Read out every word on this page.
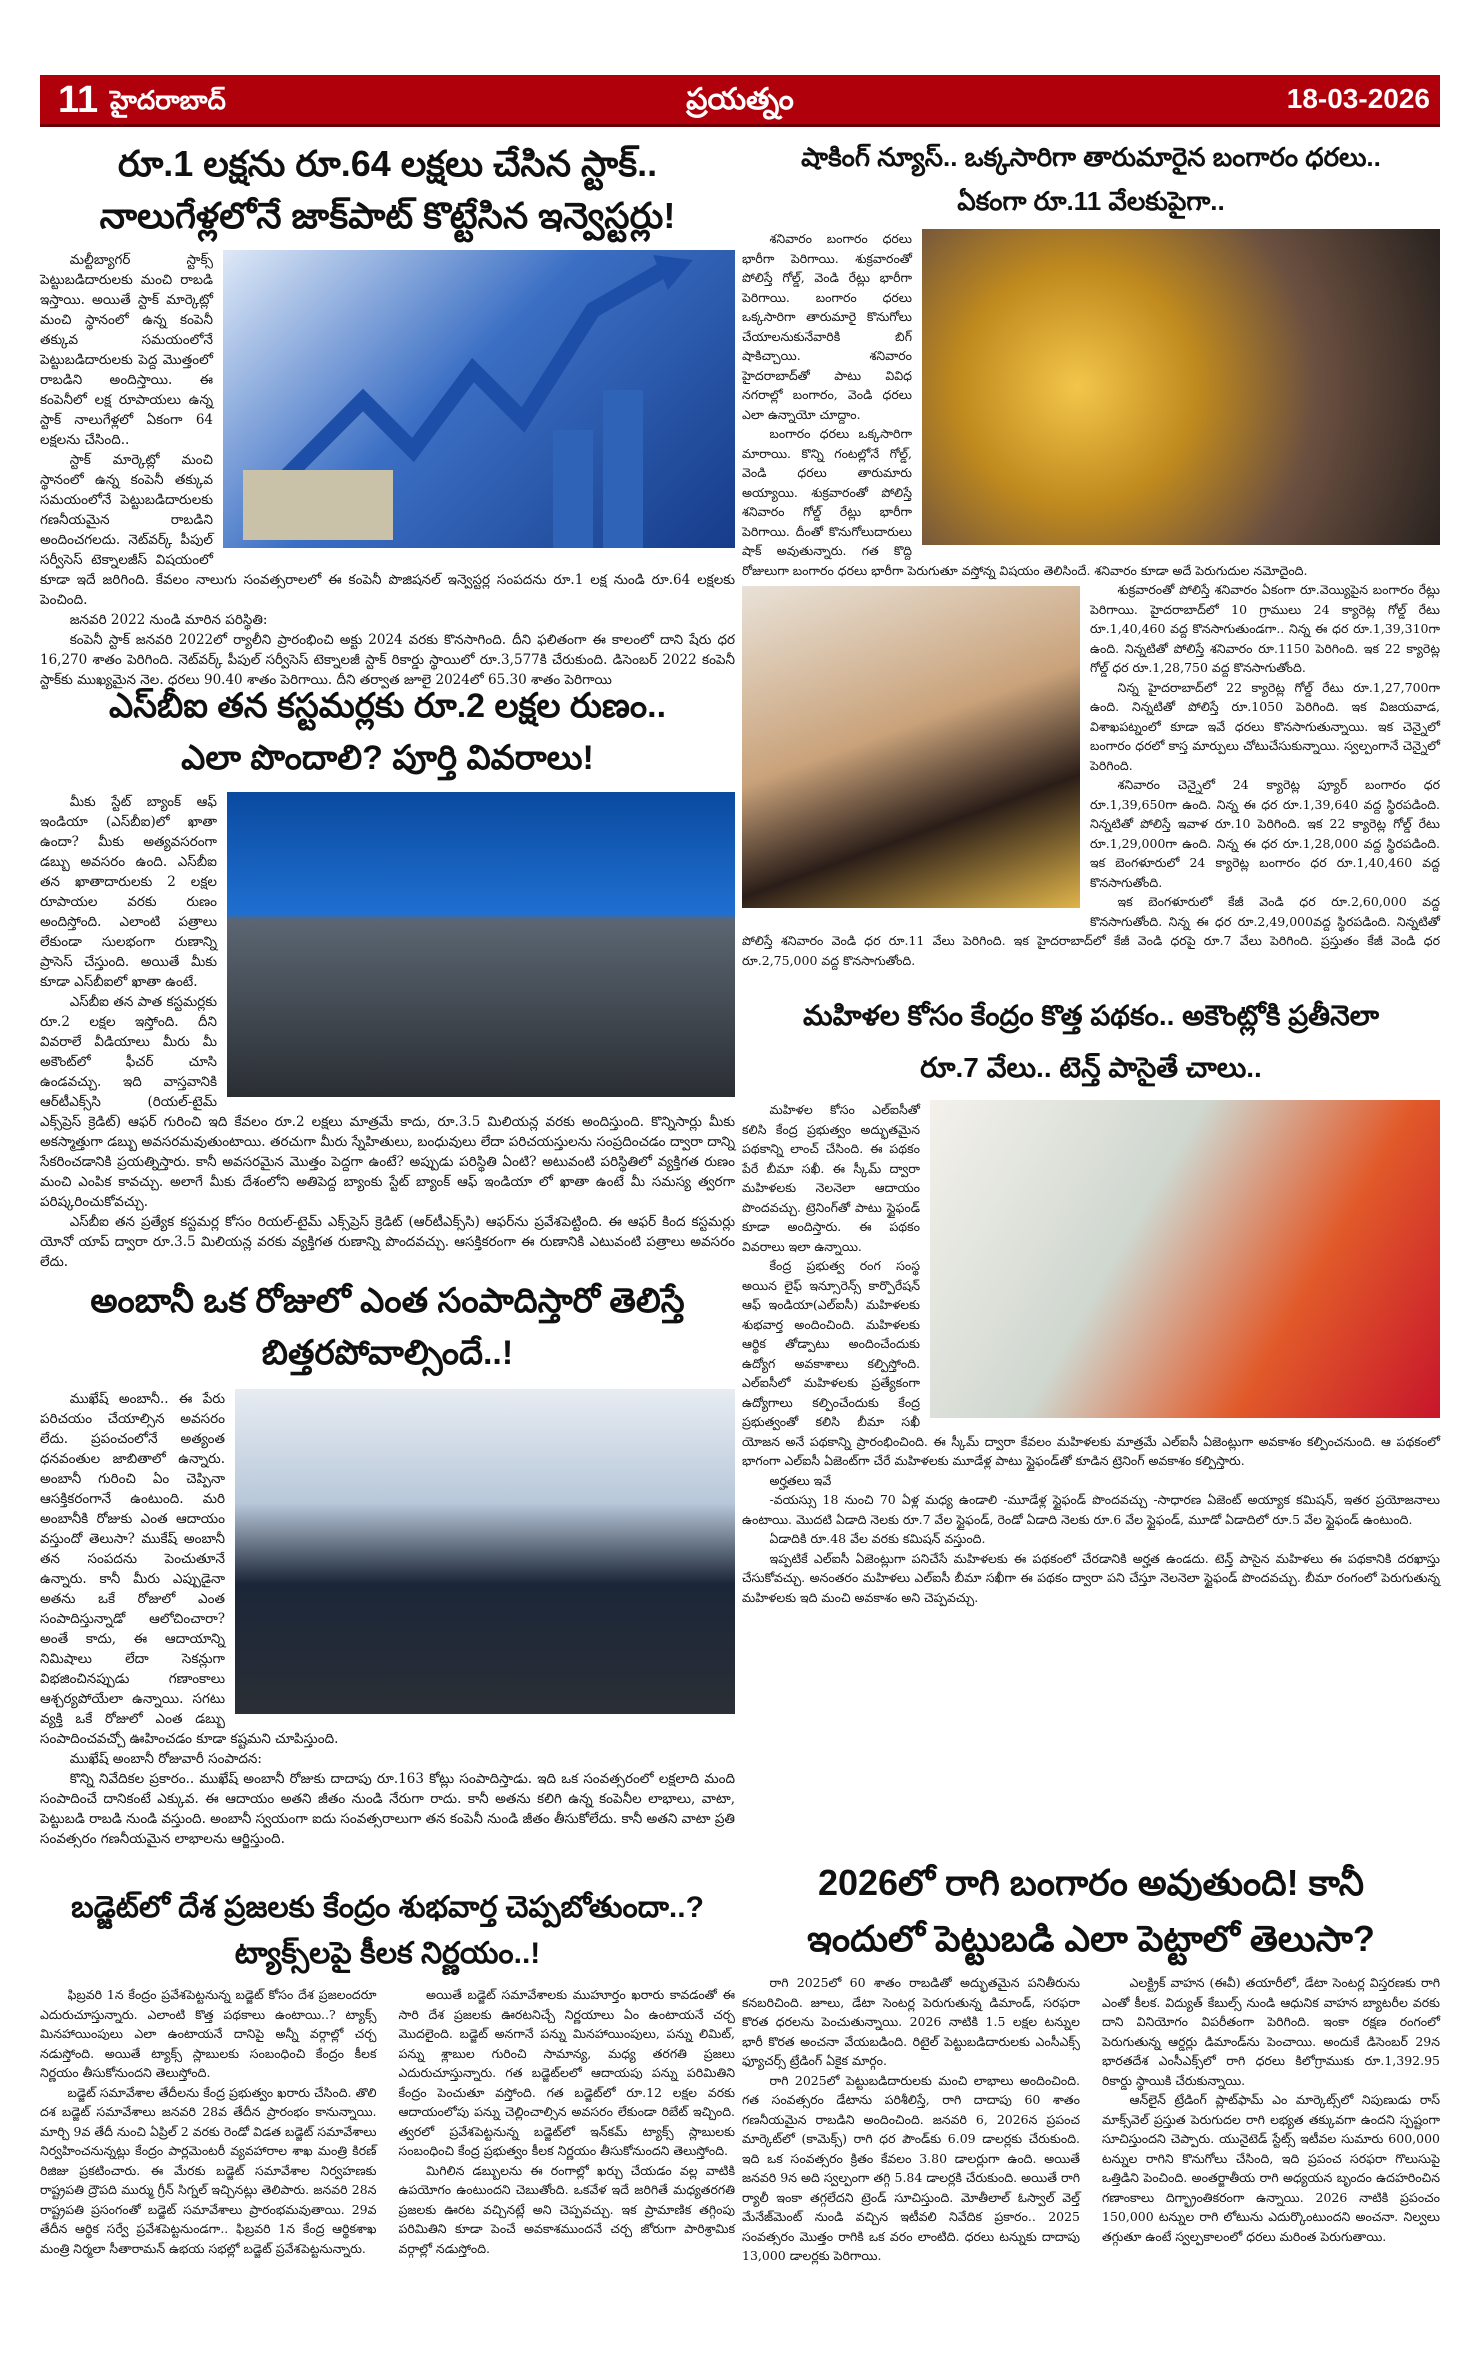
11 హైదరాబాద్	ప్రయత్నం	18-03-2026
రూ.1 లక్షను రూ.64 లక్షలు చేసిన స్టాక్..
నాలుగేళ్లలోనే జాక్‌పాట్ కొట్టేసిన ఇన్వెస్టర్లు!

మల్టీబ్యాగర్ స్టాక్స్ పెట్టుబడిదారులకు మంచి రాబడి ఇస్తాయి. అయితే స్టాక్ మార్కెట్లో మంచి స్థానంలో ఉన్న కంపెనీ తక్కువ సమయంలోనే పెట్టుబడిదారులకు పెద్ద మొత్తంలో రాబడిని అందిస్తాయి. ఈ కంపెనీలో లక్ష రూపాయలు ఉన్న స్టాక్ నాలుగేళ్లలో ఏకంగా 64 లక్షలను చేసింది..

స్టాక్ మార్కెట్లో మంచి స్థానంలో ఉన్న కంపెనీ తక్కువ సమయంలోనే పెట్టుబడిదారులకు గణనీయమైన రాబడిని అందించగలదు. నెట్‌వర్క్ పీపుల్ సర్వీసెస్ టెక్నాలజీస్ విషయంలో కూడా ఇదే జరిగింది. కేవలం నాలుగు సంవత్సరాలలో ఈ కంపెనీ పొజిషనల్ ఇన్వెస్టర్ల సంపదను రూ.1 లక్ష నుండి రూ.64 లక్షలకు పెంచింది.

జనవరి 2022 నుండి మారిన పరిస్థితి:

కంపెనీ స్టాక్ జనవరి 2022లో ర్యాలీని ప్రారంభించి అక్టు 2024 వరకు కొనసాగింది. దీని ఫలితంగా ఈ కాలంలో దాని షేరు ధర 16,270 శాతం పెరిగింది. నెట్‌వర్క్ పీపుల్ సర్వీసెస్ టెక్నాలజీ స్టాక్ రికార్డు స్థాయిలో రూ.3,577కి చేరుకుంది. డిసెంబర్ 2022 కంపెనీ స్టాక్‌కు ముఖ్యమైన నెల. ధరలు 90.40 శాతం పెరిగాయి. దీని తర్వాత జూలై 2024లో 65.30 శాతం పెరిగాయి

ఎస్‌బీఐ తన కస్టమర్లకు రూ.2 లక్షల రుణం..
ఎలా పొందాలి? పూర్తి వివరాలు!

మీకు స్టేట్ బ్యాంక్ ఆఫ్ ఇండియా (ఎస్‌బీఐ)లో ఖాతా ఉందా? మీకు అత్యవసరంగా డబ్బు అవసరం ఉంది. ఎస్‌బీఐ తన ఖాతాదారులకు 2 లక్షల రూపాయల వరకు రుణం అందిస్తోంది. ఎలాంటి పత్రాలు లేకుండా సులభంగా రుణాన్ని ప్రాసెస్ చేస్తుంది. అయితే మీకు కూడా ఎస్‌బీఐలో ఖాతా ఉంటే.

ఎస్‌బీఐ తన పాత కస్టమర్లకు రూ.2 లక్షల ఇస్తోంది. దీని వివరాలే వీడియాలు మీరు మీ అకౌంట్‌లో ఫీచర్ చూసి ఉండవచ్చు. ఇది వాస్తవానికి ఆర్‌టీఎక్స్‌సి (రియల్-టైమ్ ఎక్స్‌ప్రెస్ క్రెడిట్) ఆఫర్ గురించి ఇది కేవలం రూ.2 లక్షలు మాత్రమే కాదు, రూ.3.5 మిలియన్ల వరకు అందిస్తుంది. కొన్నిసార్లు మీకు అకస్మాత్తుగా డబ్బు అవసరమవుతుంటాయి. తరచుగా మీరు స్నేహితులు, బంధువులు లేదా పరిచయస్తులను సంప్రదించడం ద్వారా దాన్ని సేకరించడానికి ప్రయత్నిస్తారు. కానీ అవసరమైన మొత్తం పెద్దగా ఉంటే? అప్పుడు పరిస్థితి ఏంటి? అటువంటి పరిస్థితిలో వ్యక్తిగత రుణం మంచి ఎంపిక కావచ్చు. అలాగే మీకు దేశంలోని అతిపెద్ద బ్యాంకు స్టేట్ బ్యాంక్ ఆఫ్ ఇండియా లో ఖాతా ఉంటే మీ సమస్య త్వరగా పరిష్కరించుకోవచ్చు.

ఎస్‌బీఐ తన ప్రత్యేక కస్టమర్ల కోసం రియల్-టైమ్ ఎక్స్‌ప్రెస్ క్రెడిట్ (ఆర్‌టీఎక్స్‌సి) ఆఫర్‌ను ప్రవేశపెట్టింది. ఈ ఆఫర్ కింద కస్టమర్లు యోనో యాప్ ద్వారా రూ.3.5 మిలియన్ల వరకు వ్యక్తిగత రుణాన్ని పొందవచ్చు. ఆసక్తికరంగా ఈ రుణానికి ఎటువంటి పత్రాలు అవసరం లేదు.

అంబానీ ఒక రోజులో ఎంత సంపాదిస్తారో తెలిస్తే
బిత్తరపోవాల్సిందే..!

ముఖేష్ అంబానీ.. ఈ పేరు పరిచయం చేయాల్సిన అవసరం లేదు. ప్రపంచంలోనే అత్యంత ధనవంతుల జాబితాలో ఉన్నారు. అంబానీ గురించి ఏం చెప్పినా ఆసక్తికరంగానే ఉంటుంది. మరి అంబానీకి రోజుకు ఎంత ఆదాయం వస్తుందో తెలుసా? ముకేష్ అంబానీ తన సంపదను పెంచుతూనే ఉన్నారు. కానీ మీరు ఎప్పుడైనా అతను ఒకే రోజులో ఎంత సంపాదిస్తున్నాడో ఆలోచించారా? అంతే కాదు, ఈ ఆదాయాన్ని నిమిషాలు లేదా సెకన్లుగా విభజించినప్పుడు గణాంకాలు ఆశ్చర్యపోయేలా ఉన్నాయి. సగటు వ్యక్తి ఒకే రోజులో ఎంత డబ్బు సంపాదించవచ్చో ఊహించడం కూడా కష్టమని చూపిస్తుంది.

ముఖేష్ అంబానీ రోజువారీ సంపాదన:

కొన్ని నివేదికల ప్రకారం.. ముఖేష్ అంబానీ రోజుకు దాదాపు రూ.163 కోట్లు సంపాదిస్తాడు. ఇది ఒక సంవత్సరంలో లక్షలాది మంది సంపాదించే దానికంటే ఎక్కువ. ఈ ఆదాయం అతని జీతం నుండి నేరుగా రాదు. కానీ అతను కలిగి ఉన్న కంపెనీల లాభాలు, వాటా, పెట్టుబడి రాబడి నుండి వస్తుంది. అంబానీ స్వయంగా ఐదు సంవత్సరాలుగా తన కంపెనీ నుండి జీతం తీసుకోలేదు. కానీ అతని వాటా ప్రతి సంవత్సరం గణనీయమైన లాభాలను ఆర్జిస్తుంది.

బడ్జెట్‌లో దేశ ప్రజలకు కేంద్రం శుభవార్త చెప్పబోతుందా..?
ట్యాక్స్‌లపై కీలక నిర్ణయం..!

ఫిబ్రవరి 1న కేంద్రం ప్రవేశపెట్టనున్న బడ్జెట్ కోసం దేశ ప్రజలందరూ ఎదురుచూస్తున్నారు. ఎలాంటి కొత్త పథకాలు ఉంటాయి..? ట్యాక్స్ మినహాయింపులు ఎలా ఉంటాయనే దానిపై అన్నీ వర్గాల్లో చర్చ నడుస్తోంది. అయితే ట్యాక్స్ స్లాబులకు సంబంధించి కేంద్రం కీలక నిర్ణయం తీసుకోనుందని తెలుస్తోంది.

బడ్జెట్ సమావేశాల తేదీలను కేంద్ర ప్రభుత్వం ఖరారు చేసింది. తొలి దశ బడ్జెట్ సమావేశాలు జనవరి 28వ తేదీన ప్రారంభం కానున్నాయి. మార్చి 9వ తేదీ నుంచి ఏప్రిల్ 2 వరకు రెండో విడత బడ్జెట్ సమావేశాలు నిర్వహించనున్నట్లు కేంద్రం పార్లమెంటరీ వ్యవహారాల శాఖ మంత్రి కిరణ్ రిజిజు ప్రకటించారు. ఈ మేరకు బడ్జెట్ సమావేశాల నిర్వహణకు రాష్ట్రపతి ద్రౌపది ముర్ము గ్రీన్ సిగ్నల్ ఇచ్చినట్లు తెలిపారు. జనవరి 28న రాష్ట్రపతి ప్రసంగంతో బడ్జెట్ సమావేశాలు ప్రారంభమవుతాయి. 29వ తేదీన ఆర్థిక సర్వే ప్రవేశపెట్టనుండగా.. ఫిబ్రవరి 1న కేంద్ర ఆర్థికశాఖ మంత్రి నిర్మలా సీతారామన్ ఉభయ సభల్లో బడ్జెట్ ప్రవేశపెట్టనున్నారు.

అయితే బడ్జెట్ సమావేశాలకు ముహూర్తం ఖరారు కావడంతో ఈ సారి దేశ ప్రజలకు ఊరటనిచ్చే నిర్ణయాలు ఏం ఉంటాయనే చర్చ మొదలైంది. బడ్జెట్ అనగానే పన్ను మినహాయింపులు, పన్ను లిమిట్, పన్ను శ్లాబుల గురించి సామాన్య, మధ్య తరగతి ప్రజలు ఎదురుచూస్తున్నారు. గత బడ్జెట్‌లలో ఆదాయపు పన్ను పరిమితిని కేంద్రం పెంచుతూ వస్తోంది. గత బడ్జెట్‌లో రూ.12 లక్షల వరకు ఆదాయంలోపు పన్ను చెల్లించాల్సిన అవసరం లేకుండా రిబేట్ ఇచ్చింది. త్వరలో ప్రవేశపెట్టనున్న బడ్జెట్‌లో ఇన్‌కమ్ ట్యాక్స్ స్లాబులకు సంబంధించి కేంద్ర ప్రభుత్వం కీలక నిర్ణయం తీసుకోనుందని తెలుస్తోంది.

మిగిలిన డబ్బులను ఈ రంగాల్లో ఖర్చు చేయడం వల్ల వాటికి ఉపయోగం ఉంటుందని చెబుతోంది. ఒకవేళ ఇదే జరిగితే మధ్యతరగతి ప్రజలకు ఊరట వచ్చినట్లే అని చెప్పవచ్చు. ఇక ప్రామాణిక తగ్గింపు పరిమితిని కూడా పెంచే అవకాశముందనే చర్చ జోరుగా పారిశ్రామిక వర్గాల్లో నడుస్తోంది.

షాకింగ్ న్యూస్.. ఒక్కసారిగా తారుమారైన బంగారం ధరలు..
ఏకంగా రూ.11 వేలకుపైగా..

శనివారం బంగారం ధరలు భారీగా పెరిగాయి. శుక్రవారంతో పోలిస్తే గోల్డ్, వెండి రేట్లు భారీగా పెరిగాయి. బంగారం ధరలు ఒక్కసారిగా తారుమారై కొనుగోలు చేయాలనుకునేవారికి బిగ్ షాకిచ్చాయి. శనివారం హైదరాబాద్‌తో పాటు వివిధ నగరాల్లో బంగారం, వెండి ధరలు ఎలా ఉన్నాయో చూద్దాం.

బంగారం ధరలు ఒక్కసారిగా మారాయి. కొన్ని గంటల్లోనే గోల్డ్, వెండి ధరలు తారుమారు అయ్యాయి. శుక్రవారంతో పోలిస్తే శనివారం గోల్డ్ రేట్లు భారీగా పెరిగాయి. దీంతో కొనుగోలుదారులు షాక్ అవుతున్నారు. గత కొద్ది రోజులుగా బంగారం ధరలు భారీగా పెరుగుతూ వస్తోన్న విషయం తెలిసిందే. శనివారం కూడా అదే పెరుగుదుల నమోదైంది.

శుక్రవారంతో పోలిస్తే శనివారం ఏకంగా రూ.వెయ్యిపైన బంగారం రేట్లు పెరిగాయి. హైదరాబాద్‌లో 10 గ్రాములు 24 క్యారెట్ల గోల్డ్ రేటు రూ.1,40,460 వద్ద కొనసాగుతుండగా.. నిన్న ఈ ధర రూ.1,39,310గా ఉంది. నిన్నటితో పోలిస్తే శనివారం రూ.1150 పెరిగింది. ఇక 22 క్యారెట్ల గోల్డ్ ధర రూ.1,28,750 వద్ద కొనసాగుతోంది.

నిన్న హైదరాబాద్‌లో 22 క్యారెట్ల గోల్డ్ రేటు రూ.1,27,700గా ఉంది. నిన్నటితో పోలిస్తే రూ.1050 పెరిగింది. ఇక విజయవాడ, విశాఖపట్నంలో కూడా ఇవే ధరలు కొనసాగుతున్నాయి. ఇక చెన్నైలో బంగారం ధరలో కాస్త మార్పులు చోటుచేసుకున్నాయి. స్వల్పంగానే చెన్నైలో పెరిగింది.

శనివారం చెన్నైలో 24 క్యారెట్ల ప్యూర్ బంగారం ధర రూ.1,39,650గా ఉంది. నిన్న ఈ ధర రూ.1,39,640 వద్ద స్థిరపడింది. నిన్నటితో పోలిస్తే ఇవాళ రూ.10 పెరిగింది. ఇక 22 క్యారెట్ల గోల్డ్ రేటు రూ.1,29,000గా ఉంది. నిన్న ఈ ధర రూ.1,28,000 వద్ద స్థిరపడింది. ఇక బెంగళూరులో 24 క్యారెట్ల బంగారం ధర రూ.1,40,460 వద్ద కొనసాగుతోంది.

ఇక బెంగళూరులో కేజీ వెండి ధర రూ.2,60,000 వద్ద కొనసాగుతోంది. నిన్న ఈ ధర రూ.2,49,000వద్ద స్థిరపడింది. నిన్నటితో పోలిస్తే శనివారం వెండి ధర రూ.11 వేలు పెరిగింది. ఇక హైదరాబాద్‌లో కేజీ వెండి ధరపై రూ.7 వేలు పెరిగింది. ప్రస్తుతం కేజీ వెండి ధర రూ.2,75,000 వద్ద కొనసాగుతోంది.

మహిళల కోసం కేంద్రం కొత్త పథకం.. అకౌంట్లోకి ప్రతీనెలా
రూ.7 వేలు.. టెన్త్ పాసైతే చాలు..

మహిళల కోసం ఎల్‌ఐసీతో కలిసి కేంద్ర ప్రభుత్వం అద్భుతమైన పథకాన్ని లాంచ్ చేసింది. ఈ పథకం పేరే బీమా సఖీ. ఈ స్కీమ్ ద్వారా మహిళలకు నెలనెలా ఆదాయం పొందవచ్చు. ట్రెనింగ్‌తో పాటు స్టైఫండ్ కూడా అందిస్తారు. ఈ పథకం వివరాలు ఇలా ఉన్నాయి.

కేంద్ర ప్రభుత్వ రంగ సంస్థ అయిన లైఫ్ ఇన్సూరెన్స్ కార్పొరేషన్ ఆఫ్ ఇండియా(ఎల్ఐసీ) మహిళలకు శుభవార్త అందించింది. మహిళలకు ఆర్థిక తోడ్పాటు అందించేందుకు ఉద్యోగ అవకాశాలు కల్పిస్తోంది. ఎల్‌ఐసీలో మహిళలకు ప్రత్యేకంగా ఉద్యోగాలు కల్పించేందుకు కేంద్ర ప్రభుత్వంతో కలిసి బీమా సఖీ యోజన అనే పథకాన్ని ప్రారంభించింది. ఈ స్కీమ్ ద్వారా కేవలం మహిళలకు మాత్రమే ఎల్‌ఐసీ ఏజెంట్లుగా అవకాశం కల్పించనుంది. ఆ పథకంలో భాగంగా ఎల్‌ఐసీ ఏజెంట్‌గా చేరే మహిళలకు మూడేళ్ల పాటు స్టైఫండ్‌తో కూడిన ట్రెనింగ్ అవకాశం కల్పిస్తారు.

అర్హతలు ఇవే

-వయస్సు 18 నుంచి 70 ఏళ్ల మధ్య ఉండాలి -మూడేళ్ల స్టైఫండ్ పొందవచ్చు -సాధారణ ఏజెంట్ అయ్యాక కమిషన్, ఇతర ప్రయోజనాలు ఉంటాయి. మొదటి ఏడాది నెలకు రూ.7 వేల స్టైఫండ్, రెండో ఏడాది నెలకు రూ.6 వేల స్టైఫండ్, మూడో ఏడాదిలో రూ.5 వేల స్టైఫండ్ ఉంటుంది.

ఏడాదికి రూ.48 వేల వరకు కమిషన్ వస్తుంది.

ఇప్పటికే ఎల్‌ఐసీ ఏజెంట్లుగా పనిచేసే మహిళలకు ఈ పథకంలో చేరడానికి అర్హత ఉండదు. టెన్త్ పాసైన మహిళలు ఈ పథకానికి దరఖాస్తు చేసుకోవచ్చు. అనంతరం మహిళలు ఎల్‌ఐసీ బీమా సఖీగా ఈ పథకం ద్వారా పని చేస్తూ నెలనెలా స్టైఫండ్ పొందవచ్చు. బీమా రంగంలో పెరుగుతున్న మహిళలకు ఇది మంచి అవకాశం అని చెప్పవచ్చు.

2026లో రాగి బంగారం అవుతుంది! కానీ
ఇందులో పెట్టుబడి ఎలా పెట్టాలో తెలుసా?

రాగి 2025లో 60 శాతం రాబడితో అద్భుతమైన పనితీరును కనబరిచింది. జూలు, డేటా సెంటర్ల పెరుగుతున్న డిమాండ్, సరఫరా కొరత ధరలను పెంచుతున్నాయి. 2026 నాటికి 1.5 లక్షల టన్నుల భారీ కొరత అంచనా వేయబడింది. రిటైల్ పెట్టుబడిదారులకు ఎంసీఎక్స్ ఫ్యూచర్స్ ట్రేడింగ్ ఏకైక మార్గం.

రాగి 2025లో పెట్టుబడిదారులకు మంచి లాభాలు అందించింది. గత సంవత్సరం డేటాను పరిశీలిస్తే, రాగి దాదాపు 60 శాతం గణనీయమైన రాబడిని అందించింది. జనవరి 6, 2026న ప్రపంచ మార్కెట్‌లో (కామెక్స్) రాగి ధర పౌండ్‌కు 6.09 డాలర్లకు చేరుకుంది. ఇది ఒక సంవత్సరం క్రితం కేవలం 3.80 డాలర్లుగా ఉంది. అయితే జనవరి 9న అది స్వల్పంగా తగ్గి 5.84 డాలర్లకి చేరుకుంది. అయితే రాగి ర్యాలీ ఇంకా తగ్గలేదని ట్రెండ్ సూచిస్తుంది. మోతీలాల్ ఓస్వాల్ వెల్త్ మేనేజ్‌మెంట్ నుండి వచ్చిన ఇటీవలి నివేదిక ప్రకారం.. 2025 సంవత్సరం మొత్తం రాగికి ఒక వరం లాంటిది. ధరలు టన్నుకు దాదాపు 13,000 డాలర్లకు పెరిగాయి.

ఎలక్ట్రిక్ వాహన (ఈవీ) తయారీలో, డేటా సెంటర్ల విస్తరణకు రాగి ఎంతో కీలక. విద్యుత్ కేబుల్స్ నుండి ఆధునిక వాహన బ్యాటరీల వరకు దాని వినియోగం విపరీతంగా పెరిగింది. ఇంకా రక్షణ రంగంలో పెరుగుతున్న ఆర్డర్లు డిమాండ్‌ను పెంచాయి. అందుకే డిసెంబర్ 29న భారతదేశ ఎంసీఎక్స్‌లో రాగి ధరలు కిలోగ్రాముకు రూ.1,392.95 రికార్డు స్థాయికి చేరుకున్నాయి.

ఆన్‌లైన్ ట్రేడింగ్ ప్లాట్‌ఫామ్ ఎం మార్కెట్స్‌లో నిపుణుడు రాస్ మాక్స్‌వెల్ ప్రస్తుత పెరుగుదల రాగి లభ్యత తక్కువగా ఉందని స్పష్టంగా సూచిస్తుందని చెప్పారు. యునైటెడ్ స్టేట్స్ ఇటీవల సుమారు 600,000 టన్నుల రాగిని కొనుగోలు చేసింది, ఇది ప్రపంచ సరఫరా గొలుసుపై ఒత్తిడిని పెంచింది. అంతర్జాతీయ రాగి అధ్యయన బృందం ఉదహరించిన గణాంకాలు దిగ్భ్రాంతికరంగా ఉన్నాయి. 2026 నాటికి ప్రపంచం 150,000 టన్నుల రాగి లోటును ఎదుర్కొంటుందని అంచనా. నిల్వలు తగ్గుతూ ఉంటే స్వల్పకాలంలో ధరలు మరింత పెరుగుతాయి.
